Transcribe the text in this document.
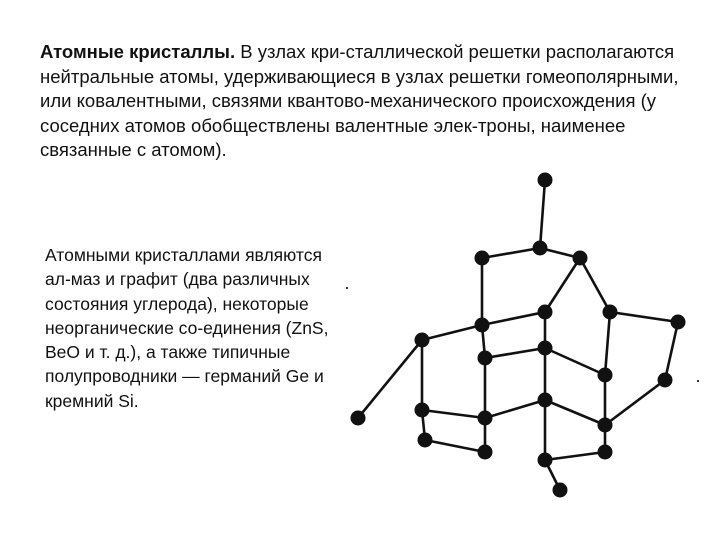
Атомные кристаллы. В узлах кри-сталлической решетки располагаются нейтральные атомы, удерживающиеся в узлах решетки гомеополярными, или ковалентными, связями квантово-механического происхождения (у соседних атомов обобществлены валентные элек-троны, наименее связанные с атомом).

Атомными кристаллами являются ал-маз и графит (два различных состояния углерода), некоторые неорганические со-единения (ZnS, BeO и т. д.), а также типичные полупроводники — германий Ge и кремний Si.
